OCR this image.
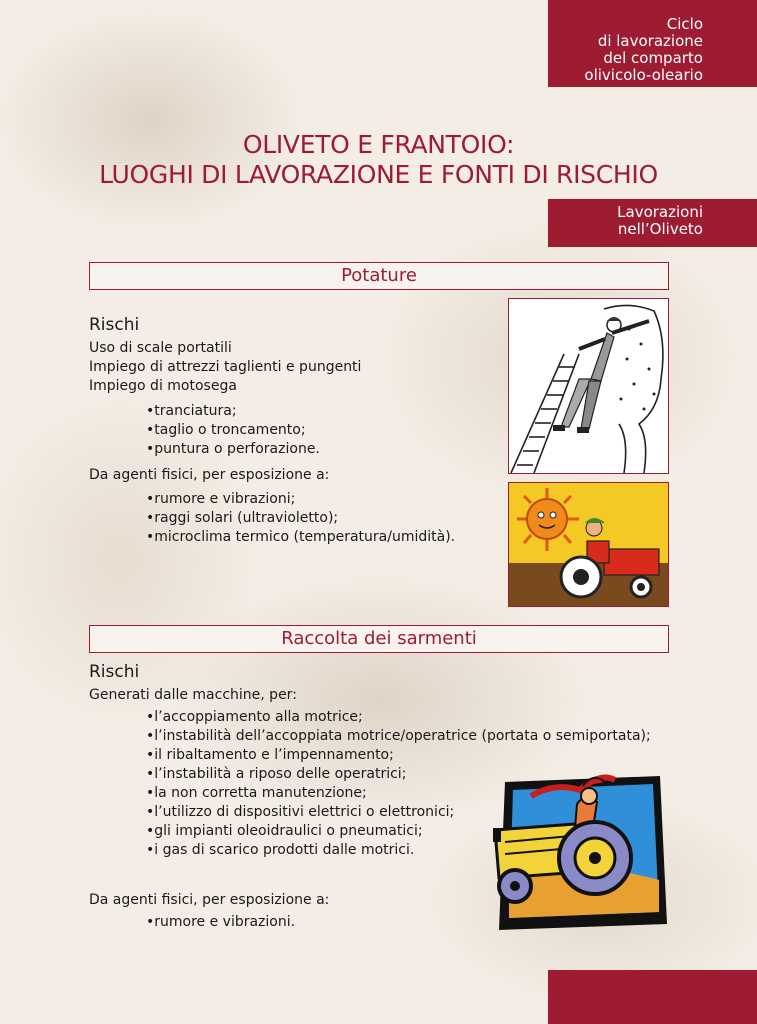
Ciclo
di lavorazione
del comparto
olivicolo-oleario
OLIVETO E FRANTOIO:
LUOGHI DI LAVORAZIONE E FONTI DI RISCHIO
Lavorazioni
nell’Oliveto
Potature
Rischi
Uso di scale portatili
Impiego di attrezzi taglienti e pungenti
Impiego di motosega
•tranciatura;
•taglio o troncamento;
•puntura o perforazione.
Da agenti fisici, per esposizione a:
•rumore e vibrazioni;
•raggi solari (ultravioletto);
•microclima termico (temperatura/umidità).
Raccolta dei sarmenti
Rischi
Generati dalle macchine, per:
•l’accoppiamento alla motrice;
•l’instabilità dell’accoppiata motrice/operatrice (portata o semiportata);
•il ribaltamento e l’impennamento;
•l’instabilità a riposo delle operatrici;
•la non corretta manutenzione;
•l’utilizzo di dispositivi elettrici o elettronici;
•gli impianti oleoidraulici o pneumatici;
•i gas di scarico prodotti dalle motrici.
Da agenti fisici, per esposizione a:
•rumore e vibrazioni.
